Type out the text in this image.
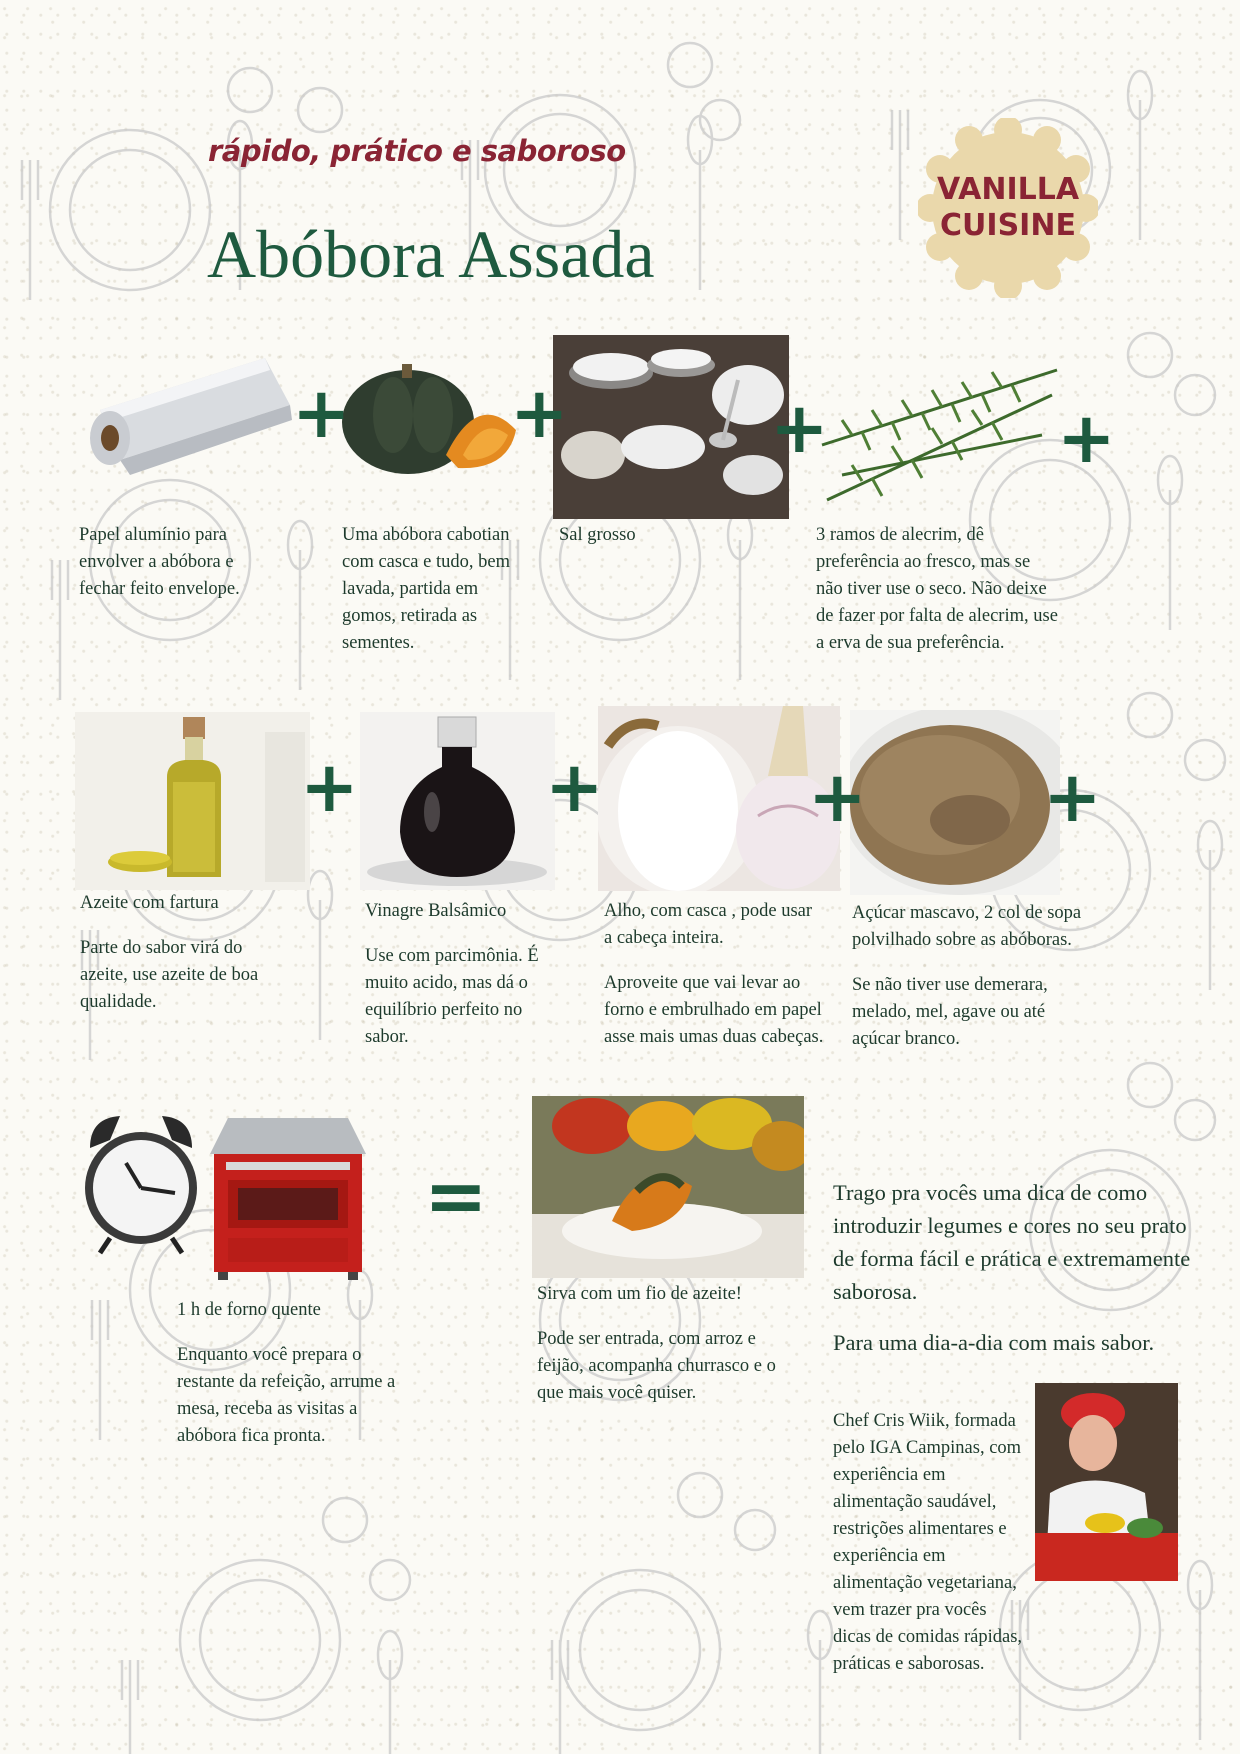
rápido, prático e saboroso
Abóbora Assada
VANILLA
CUISINE
+ +	+	+
Papel alumínio para envolver a abóbora e fechar feito envelope.
Uma abóbora cabotian com casca e tudo, bem lavada, partida em gomos, retirada as sementes.
Sal grosso	3 ramos de alecrim, dê preferência ao fresco, mas se não tiver use o seco. Não deixe de fazer por falta de alecrim, use a erva de sua preferência.
+	+	+	+

Azeite com fartura

Parte do sabor virá do azeite, use azeite de boa qualidade.

Vinagre Balsâmico

Use com parcimônia. É muito acido, mas dá o equilíbrio perfeito no sabor.

Alho, com casca , pode usar a cabeça inteira.

Aproveite que vai levar ao forno e embrulhado em papel asse mais umas duas cabeças.

Açúcar mascavo, 2 col de sopa polvilhado sobre as abóboras.

Se não tiver use demerara, melado, mel, agave ou até açúcar branco.

=

1 h de forno quente

Enquanto você prepara o restante da refeição, arrume a mesa, receba as visitas a abóbora fica pronta.

Sirva com um fio de azeite!

Pode ser entrada, com arroz e feijão, acompanha churrasco e o que mais você quiser.

Trago pra vocês uma dica de como introduzir legumes e cores no seu prato de forma fácil e prática e extremamente saborosa.
Para uma dia-a-dia com mais sabor.
Chef Cris Wiik, formada pelo IGA Campinas, com experiência em alimentação saudável, restrições alimentares e experiência em alimentação vegetariana, vem trazer pra vocês dicas de comidas rápidas, práticas e saborosas.
